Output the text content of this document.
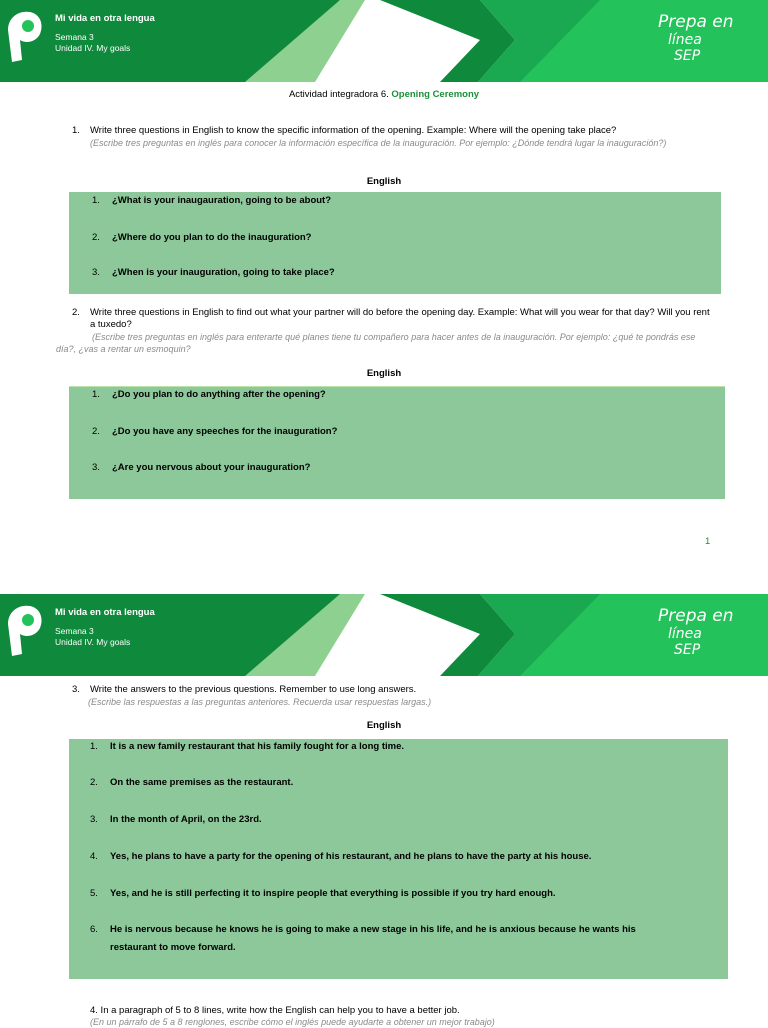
Mi vida en otra lengua
Semana 3
Unidad IV. My goals
Prepa en
línea
SEP
Actividad integradora 6. Opening Ceremony
1. Write three questions in English to know the specific information of the opening. Example: Where will the opening take place?
(Escribe tres preguntas en inglés para conocer la información específica de la inauguración. Por ejemplo: ¿Dónde tendrá lugar la inauguración?)
English
1. ¿What is your inaugauration, going to be about?
2. ¿Where do you plan to do the inauguration?
3. ¿When is your inauguration, going to take place?
2. Write three questions in English to find out what your partner will do before the opening day. Example: What will you wear for that day? Will you rent a tuxedo?
(Escribe tres preguntas en inglés para enterarte qué planes tiene tu compañero para hacer antes de la inauguración. Por ejemplo: ¿qué te pondrás ese día?, ¿vas a rentar un esmoquin?
English
1. ¿Do you plan to do anything after the opening?
2. ¿Do you have any speeches for the inauguration?
3. ¿Are you nervous about your inauguration?
1
Mi vida en otra lengua
Semana 3
Unidad IV. My goals
Prepa en
línea
SEP
3. Write the answers to the previous questions. Remember to use long answers.
(Escribe las respuestas a las preguntas anteriores. Recuerda usar respuestas largas.)
English
1. It is a new family restaurant that his family fought for a long time.
2. On the same premises as the restaurant.
3. In the month of April, on the 23rd.
4. Yes, he plans to have a party for the opening of his restaurant, and he plans to have the party at his house.
5. Yes, and he is still perfecting it to inspire people that everything is possible if you try hard enough.
6. He is nervous because he knows he is going to make a new stage in his life, and he is anxious because he wants his
restaurant to move forward.
4. In a paragraph of 5 to 8 lines, write how the English can help you to have a better job.
(En un párrafo de 5 a 8 renglones, escribe cómo el inglés puede ayudarte a obtener un mejor trabajo)
